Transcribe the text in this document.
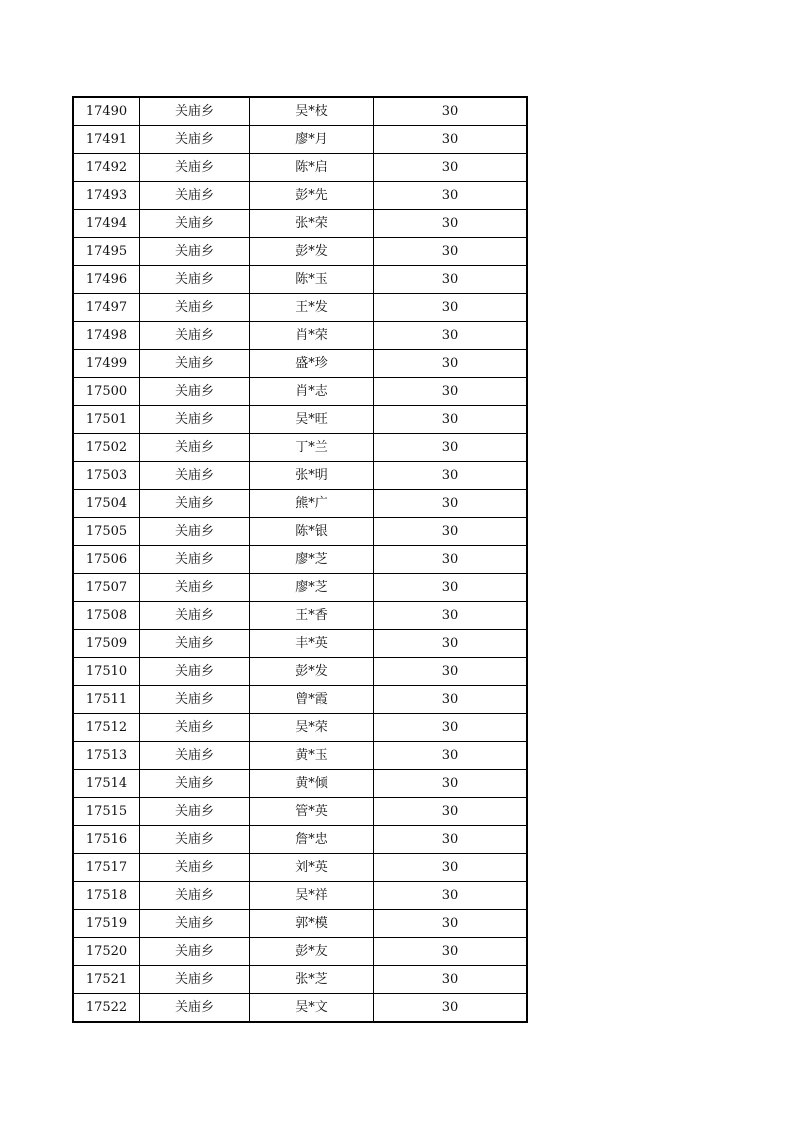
17490	关庙乡	吴*枝	30
17491	关庙乡	廖*月	30
17492	关庙乡	陈*启	30
17493	关庙乡	彭*先	30
17494	关庙乡	张*荣	30
17495	关庙乡	彭*发	30
17496	关庙乡	陈*玉	30
17497	关庙乡	王*发	30
17498	关庙乡	肖*荣	30
17499	关庙乡	盛*珍	30
17500	关庙乡	肖*志	30
17501	关庙乡	吴*旺	30
17502	关庙乡	丁*兰	30
17503	关庙乡	张*明	30
17504	关庙乡	熊*广	30
17505	关庙乡	陈*银	30
17506	关庙乡	廖*芝	30
17507	关庙乡	廖*芝	30
17508	关庙乡	王*香	30
17509	关庙乡	丰*英	30
17510	关庙乡	彭*发	30
17511	关庙乡	曾*霞	30
17512	关庙乡	吴*荣	30
17513	关庙乡	黄*玉	30
17514	关庙乡	黄*倾	30
17515	关庙乡	管*英	30
17516	关庙乡	詹*忠	30
17517	关庙乡	刘*英	30
17518	关庙乡	吴*祥	30
17519	关庙乡	郭*模	30
17520	关庙乡	彭*友	30
17521	关庙乡	张*芝	30
17522	关庙乡	吴*文	30
